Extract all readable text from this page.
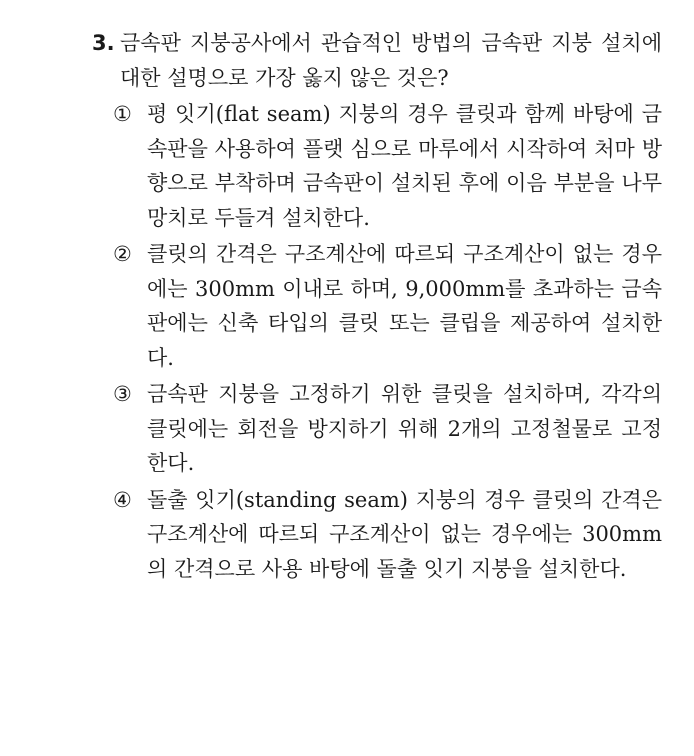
3. 금속판 지붕공사에서 관습적인 방법의 금속판 지붕 설치에 대한 설명으로 가장 옳지 않은 것은?
① 평 잇기(flat seam) 지붕의 경우 클릿과 함께 바탕에 금속판을 사용하여 플랫 심으로 마루에서 시작하여 처마 방향으로 부착하며 금속판이 설치된 후에 이음 부분을 나무망치로 두들겨 설치한다.
② 클릿의 간격은 구조계산에 따르되 구조계산이 없는 경우에는 300mm 이내로 하며, 9,000mm를 초과하는 금속판에는 신축 타입의 클릿 또는 클립을 제공하여 설치한다.
③ 금속판 지붕을 고정하기 위한 클릿을 설치하며, 각각의 클릿에는 회전을 방지하기 위해 2개의 고정철물로 고정한다.
④ 돌출 잇기(standing seam) 지붕의 경우 클릿의 간격은 구조계산에 따르되 구조계산이 없는 경우에는 300mm의 간격으로 사용 바탕에 돌출 잇기 지붕을 설치한다.
